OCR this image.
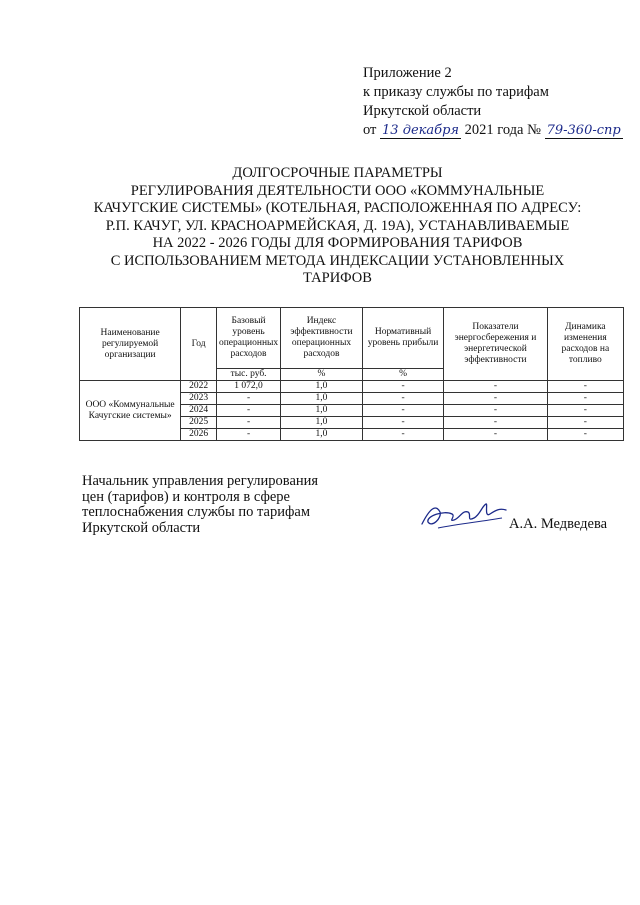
Приложение 2
к приказу службы по тарифам
Иркутской области
от 13 декабря 2021 года № 79-360-спр
ДОЛГОСРОЧНЫЕ ПАРАМЕТРЫ
РЕГУЛИРОВАНИЯ ДЕЯТЕЛЬНОСТИ ООО «КОММУНАЛЬНЫЕ
КАЧУГСКИЕ СИСТЕМЫ» (КОТЕЛЬНАЯ, РАСПОЛОЖЕННАЯ ПО АДРЕСУ:
Р.П. КАЧУГ, УЛ. КРАСНОАРМЕЙСКАЯ, Д. 19А), УСТАНАВЛИВАЕМЫЕ
НА 2022 - 2026 ГОДЫ ДЛЯ ФОРМИРОВАНИЯ ТАРИФОВ
С ИСПОЛЬЗОВАНИЕМ МЕТОДА ИНДЕКСАЦИИ УСТАНОВЛЕННЫХ
ТАРИФОВ
Наименование регулируемой организации	Год	Базовый уровень операционных расходов	Индекс эффективности операционных расходов	Нормативный уровень прибыли	Показатели энергосбережения и энергетической эффективности	Динамика изменения расходов на топливо
		тыс. руб.	%	%		
ООО «Коммунальные Качугские системы»	2022	1 072,0	1,0	-	-	-
	2023	-	1,0	-	-	-
	2024	-	1,0	-	-	-
	2025	-	1,0	-	-	-
	2026	-	1,0	-	-	-
Начальник управления регулирования
цен (тарифов) и контроля в сфере
теплоснабжения службы по тарифам
Иркутской области	А.А. Медведева
